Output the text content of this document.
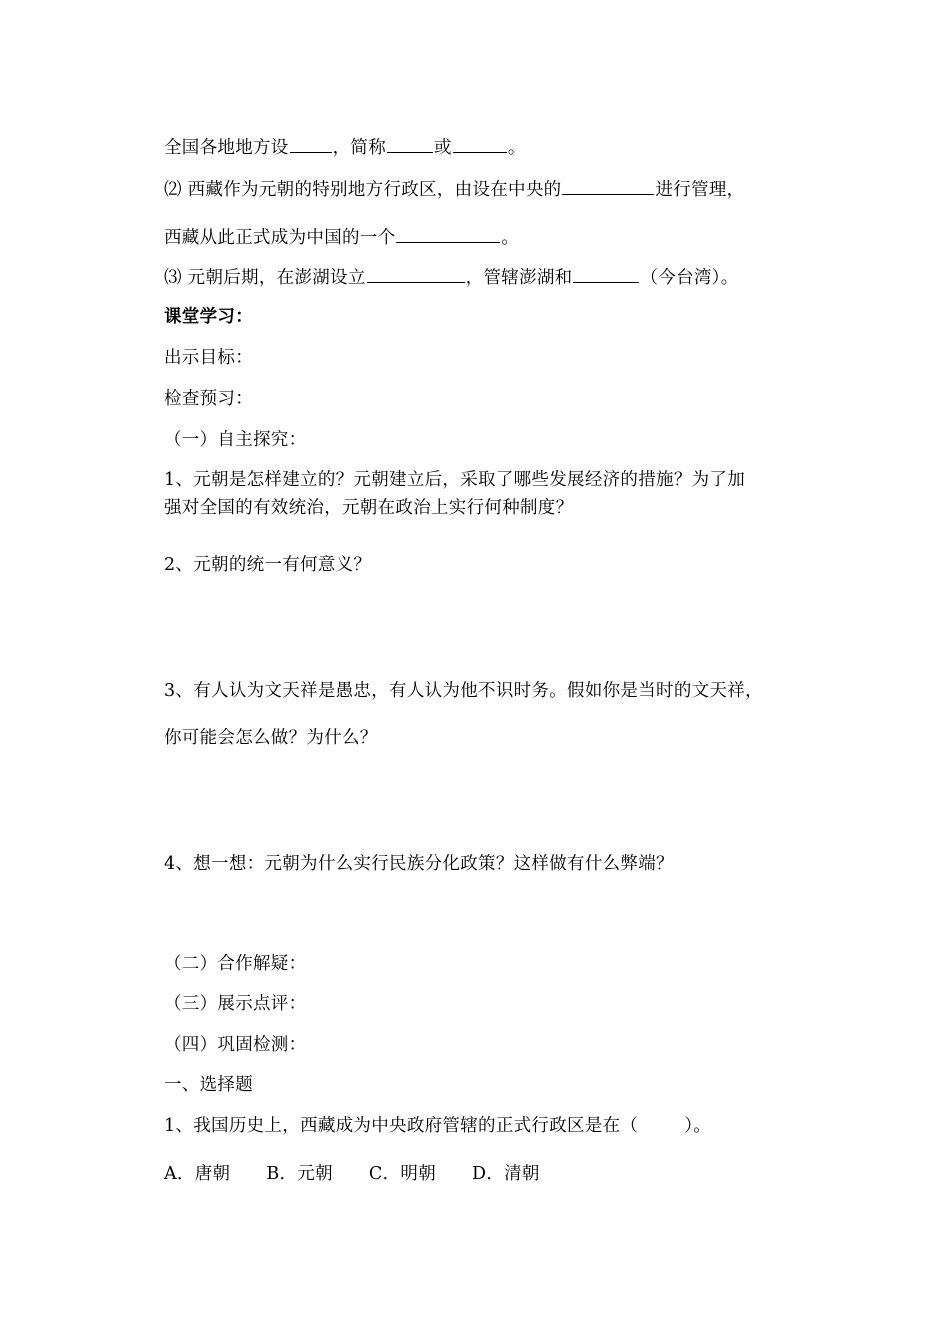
全国各地地方设	，简称	或	。
⑵ 西藏作为元朝的特别地方行政区，由设在中央的	进行管理，
西藏从此正式成为中国的一个	。
⑶ 元朝后期，在澎湖设立	，管辖澎湖和	（今台湾）。
课堂学习：
出示目标：
检查预习：
（一）自主探究：
1、元朝是怎样建立的？元朝建立后，采取了哪些发展经济的措施？为了加
强对全国的有效统治，元朝在政治上实行何种制度？
2、元朝的统一有何意义？
3、有人认为文天祥是愚忠，有人认为他不识时务。假如你是当时的文天祥，
你可能会怎么做？为什么？
4、想一想：元朝为什么实行民族分化政策？这样做有什么弊端？
（二）合作解疑：
（三）展示点评：
（四）巩固检测：
一、选择题
1、我国历史上，西藏成为中央政府管辖的正式行政区是在（	）。
A．唐朝 B．元朝 C．明朝 D．清朝
